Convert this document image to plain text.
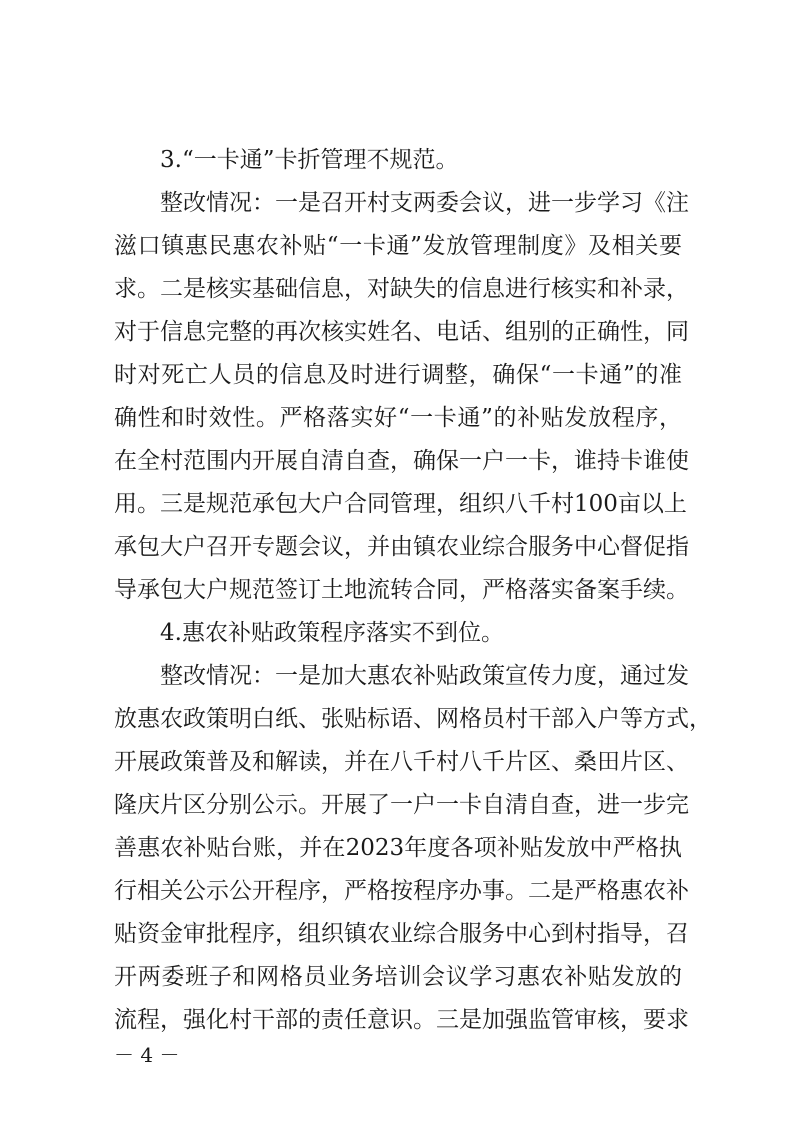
3.“一卡通”卡折管理不规范。
整改情况：一是召开村支两委会议，进一步学习《注
滋口镇惠民惠农补贴“一卡通”发放管理制度》及相关要
求。二是核实基础信息，对缺失的信息进行核实和补录，
对于信息完整的再次核实姓名、电话、组别的正确性，同
时对死亡人员的信息及时进行调整，确保“一卡通”的准
确性和时效性。严格落实好“一卡通”的补贴发放程序，
在全村范围内开展自清自查，确保一户一卡，谁持卡谁使
用。三是规范承包大户合同管理，组织八千村100亩以上
承包大户召开专题会议，并由镇农业综合服务中心督促指
导承包大户规范签订土地流转合同，严格落实备案手续。
4.惠农补贴政策程序落实不到位。
整改情况：一是加大惠农补贴政策宣传力度，通过发
放惠农政策明白纸、张贴标语、网格员村干部入户等方式，
开展政策普及和解读，并在八千村八千片区、桑田片区、
隆庆片区分别公示。开展了一户一卡自清自查，进一步完
善惠农补贴台账，并在2023年度各项补贴发放中严格执
行相关公示公开程序，严格按程序办事。二是严格惠农补
贴资金审批程序，组织镇农业综合服务中心到村指导，召
开两委班子和网格员业务培训会议学习惠农补贴发放的
流程，强化村干部的责任意识。三是加强监管审核，要求
－ 4 －
